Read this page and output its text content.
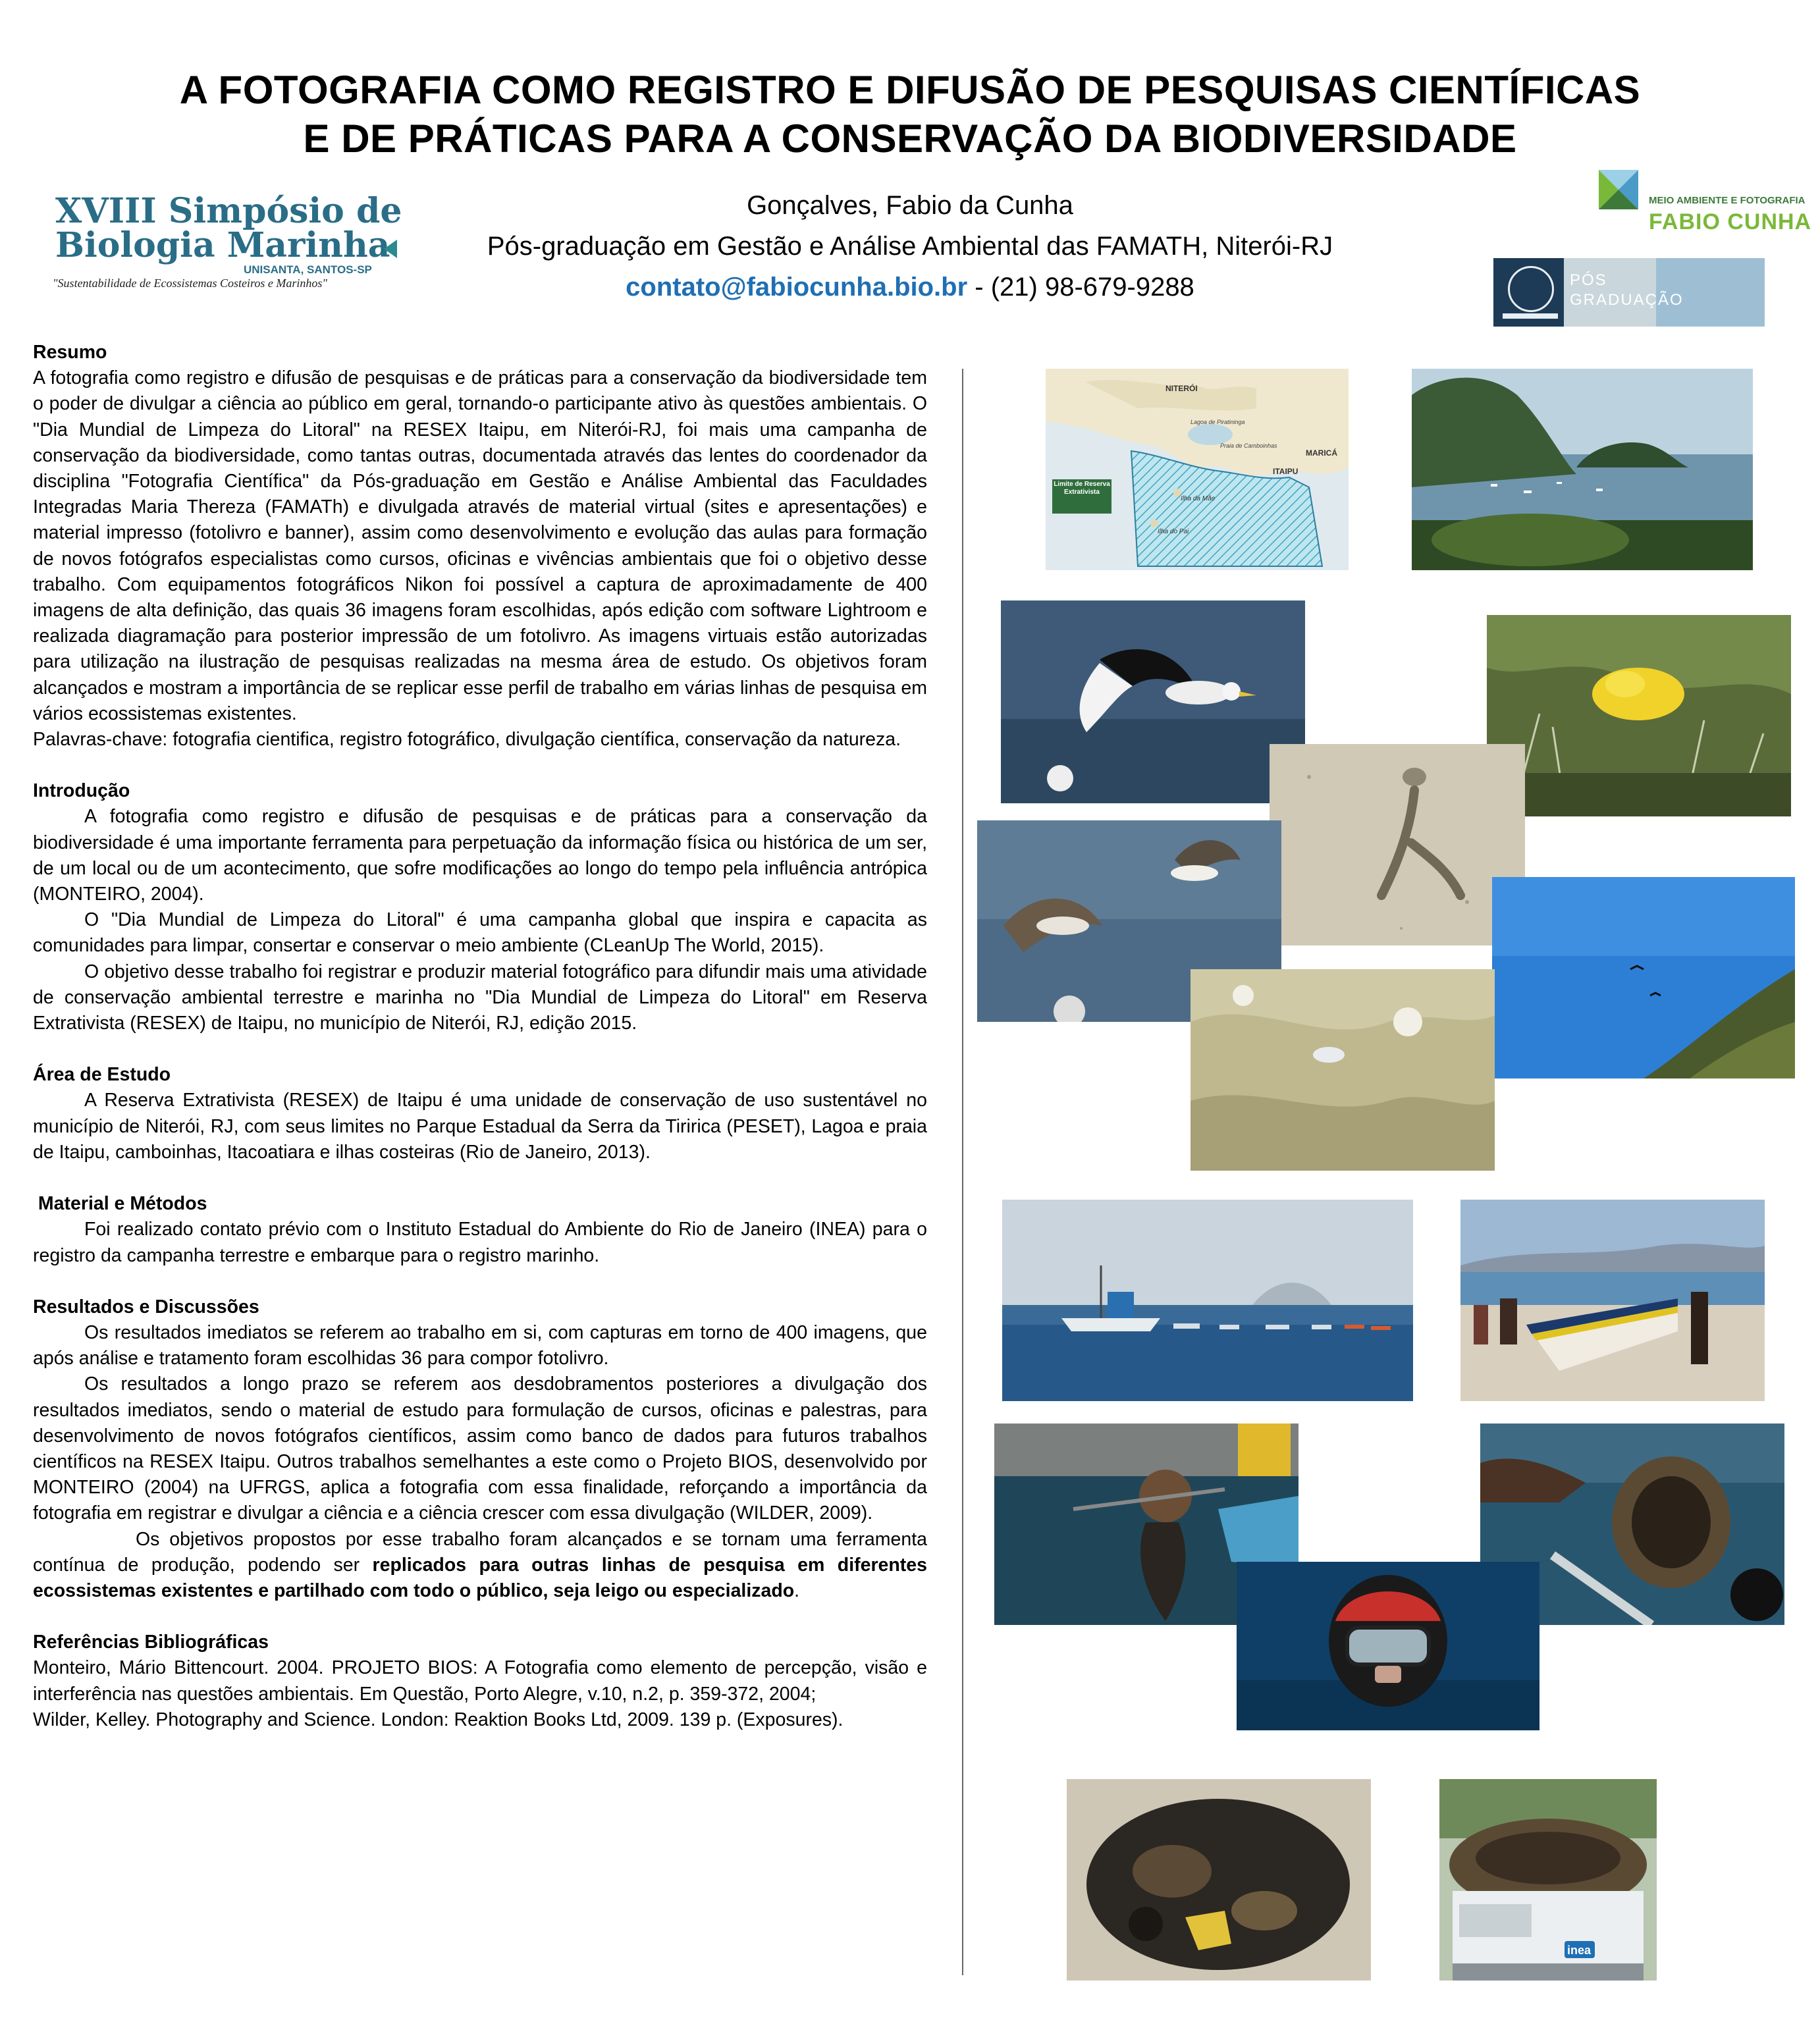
A FOTOGRAFIA COMO REGISTRO E DIFUSÃO DE PESQUISAS CIENTÍFICAS
E DE PRÁTICAS PARA A CONSERVAÇÃO DA BIODIVERSIDADE
XVIII Simpósio de
Biologia Marinha
UNISANTA, SANTOS-SP
"Sustentabilidade de Ecossistemas Costeiros e Marinhos"
Gonçalves, Fabio da Cunha
Pós-graduação em Gestão e Análise Ambiental das FAMATH, Niterói-RJ
contato@fabiocunha.bio.br - (21) 98-679-9288
MEIO AMBIENTE E FOTOGRAFIA
FABIO CUNHA
PÓS
GRADUAÇÃO
Resumo

A fotografia como registro e difusão de pesquisas e de práticas para a conservação da biodiversidade tem o poder de divulgar a ciência ao público em geral, tornando-o participante ativo às questões ambientais. O "Dia Mundial de Limpeza do Litoral" na RESEX Itaipu, em Niterói-RJ, foi mais uma campanha de conservação da biodiversidade, como tantas outras, documentada através das lentes do coordenador da disciplina "Fotografia Científica" da Pós-graduação em Gestão e Análise Ambiental das Faculdades Integradas Maria Thereza (FAMATh) e divulgada através de material virtual (sites e apresentações) e material impresso (fotolivro e banner), assim como desenvolvimento e evolução das aulas para formação de novos fotógrafos especialistas como cursos, oficinas e vivências ambientais que foi o objetivo desse trabalho. Com equipamentos fotográficos Nikon foi possível a captura de aproximadamente de 400 imagens de alta definição, das quais 36 imagens foram escolhidas, após edição com software Lightroom e realizada diagramação para posterior impressão de um fotolivro. As imagens virtuais estão autorizadas para utilização na ilustração de pesquisas realizadas na mesma área de estudo. Os objetivos foram alcançados e mostram a importância de se replicar esse perfil de trabalho em várias linhas de pesquisa em vários ecossistemas existentes.

Palavras-chave: fotografia cientifica, registro fotográfico, divulgação científica, conservação da natureza.

Introdução

A fotografia como registro e difusão de pesquisas e de práticas para a conservação da biodiversidade é uma importante ferramenta para perpetuação da informação física ou histórica de um ser, de um local ou de um acontecimento, que sofre modificações ao longo do tempo pela influência antrópica (MONTEIRO, 2004).

O "Dia Mundial de Limpeza do Litoral" é uma campanha global que inspira e capacita as comunidades para limpar, consertar e conservar o meio ambiente (CLeanUp The World, 2015).

O objetivo desse trabalho foi registrar e produzir material fotográfico para difundir mais uma atividade de conservação ambiental terrestre e marinha no "Dia Mundial de Limpeza do Litoral" em Reserva Extrativista (RESEX) de Itaipu, no município de Niterói, RJ, edição 2015.

Área de Estudo

A Reserva Extrativista (RESEX) de Itaipu é uma unidade de conservação de uso sustentável no município de Niterói, RJ, com seus limites no Parque Estadual da Serra da Tiririca (PESET), Lagoa e praia de Itaipu, camboinhas, Itacoatiara e ilhas costeiras (Rio de Janeiro, 2013).

Material e Métodos

Foi realizado contato prévio com o Instituto Estadual do Ambiente do Rio de Janeiro (INEA) para o registro da campanha terrestre e embarque para o registro marinho.

Resultados e Discussões

Os resultados imediatos se referem ao trabalho em si, com capturas em torno de 400 imagens, que após análise e tratamento foram escolhidas 36 para compor fotolivro.

Os resultados a longo prazo se referem aos desdobramentos posteriores a divulgação dos resultados imediatos, sendo o material de estudo para formulação de cursos, oficinas e palestras, para desenvolvimento de novos fotógrafos científicos, assim como banco de dados para futuros trabalhos científicos na RESEX Itaipu. Outros trabalhos semelhantes a este como o Projeto BIOS, desenvolvido por MONTEIRO (2004) na UFRGS, aplica a fotografia com essa finalidade, reforçando a importância da fotografia em registrar e divulgar a ciência e a ciência crescer com essa divulgação (WILDER, 2009).

Os objetivos propostos por esse trabalho foram alcançados e se tornam uma ferramenta contínua de produção, podendo ser replicados para outras linhas de pesquisa em diferentes ecossistemas existentes e partilhado com todo o público, seja leigo ou especializado.

Referências Bibliográficas

Monteiro, Mário Bittencourt. 2004. PROJETO BIOS: A Fotografia como elemento de percepção, visão e interferência nas questões ambientais. Em Questão, Porto Alegre, v.10, n.2, p. 359-372, 2004;

Wilder, Kelley. Photography and Science. London: Reaktion Books Ltd, 2009. 139 p. (Exposures).

NITERÓI
MARICÁ
ITAIPU
Lagoa de Piratininga
Praia de Camboinhas
Ilha da Mãe
Ilha do Pai
Limite de Reserva Extrativista
inea
